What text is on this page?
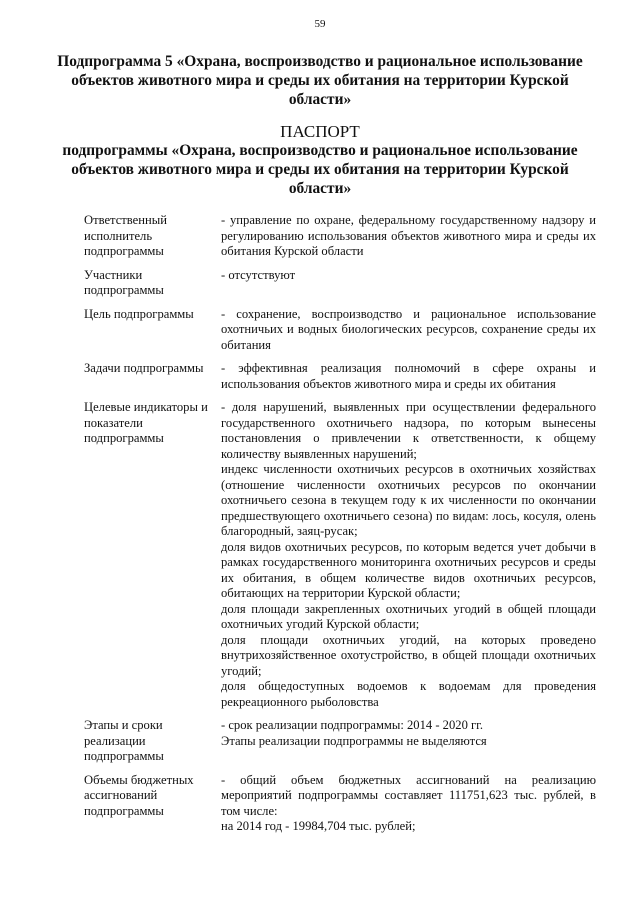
59
Подпрограмма 5 «Охрана, воспроизводство и рациональное использование объектов животного мира и среды их обитания на территории Курской области»
ПАСПОРТ
подпрограммы «Охрана, воспроизводство и рациональное использование объектов животного мира и среды их обитания на территории Курской области»
Ответственный исполнитель подпрограммы
- управление по охране, федеральному государственному надзору и регулированию использования объектов животного мира и среды их обитания Курской области
Участники подпрограммы
- отсутствуют
Цель подпрограммы	- сохранение, воспроизводство и рациональное использование охотничьих и водных биологических ресурсов, сохранение среды их обитания
Задачи подпрограммы	- эффективная реализация полномочий в сфере охраны и использования объектов животного мира и среды их обитания
Целевые индикаторы и показатели подпрограммы
- доля нарушений, выявленных при осуществлении федерального государственного охотничьего надзора, по которым вынесены постановления о привлечении к ответственности, к общему количеству выявленных нарушений;
индекс численности охотничьих ресурсов в охотничьих хозяйствах (отношение численности охотничьих ресурсов по окончании охотничьего сезона в текущем году к их численности по окончании предшествующего охотничьего сезона) по видам: лось, косуля, олень благородный, заяц-русак;
доля видов охотничьих ресурсов, по которым ведется учет добычи в рамках государственного мониторинга охотничьих ресурсов и среды их обитания, в общем количестве видов охотничьих ресурсов, обитающих на территории Курской области;
доля площади закрепленных охотничьих угодий в общей площади охотничьих угодий Курской области;
доля площади охотничьих угодий, на которых проведено внутрихозяйственное охотустройство, в общей площади охотничьих угодий;
доля общедоступных водоемов к водоемам для проведения рекреационного рыболовства
Этапы и сроки реализации подпрограммы
- срок реализации подпрограммы: 2014 - 2020 гг.
Этапы реализации подпрограммы не выделяются
Объемы бюджетных ассигнований подпрограммы
- общий объем бюджетных ассигнований на реализацию мероприятий подпрограммы составляет 111751,623 тыс. рублей, в том числе:
на 2014 год - 19984,704 тыс. рублей;
